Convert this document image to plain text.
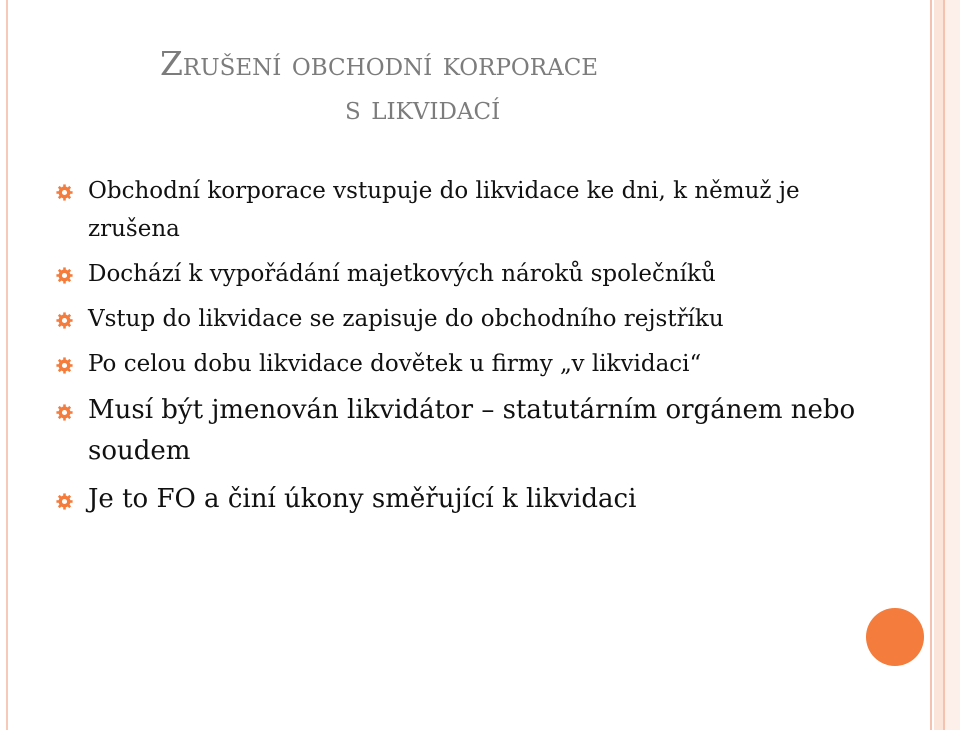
Zrušení obchodní korporace
s likvidací
Obchodní korporace vstupuje do likvidace ke dni, k němuž je zrušena
Dochází k vypořádání majetkových nároků společníků
Vstup do likvidace se zapisuje do obchodního rejstříku
Po celou dobu likvidace dovětek u firmy „v likvidaci“
Musí být jmenován likvidátor – statutárním orgánem nebo soudem
Je to FO a činí úkony směřující k likvidaci
